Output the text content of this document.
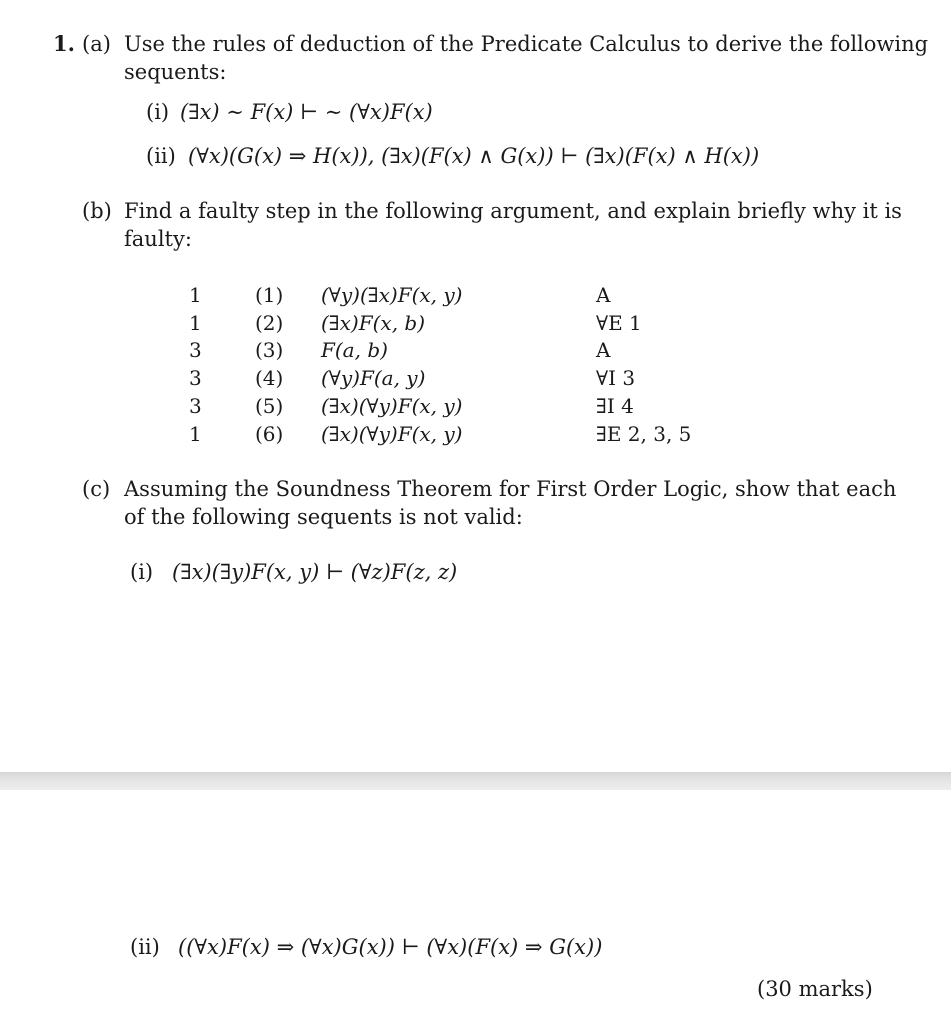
1. (a) Use the rules of deduction of the Predicate Calculus to derive the following
sequents:
(i) (∃x) ∼ F(x) ⊢ ∼ (∀x)F(x)
(ii) (∀x)(G(x) ⇒ H(x)), (∃x)(F(x) ∧ G(x)) ⊢ (∃x)(F(x) ∧ H(x))
(b) Find a faulty step in the following argument, and explain briefly why it is
faulty:
1	(1) (∀y)(∃x)F(x, y)	A
1	(2) (∃x)F(x, b)	∀E 1
3	(3) F(a, b)	A
3	(4) (∀y)F(a, y)	∀I 3
3	(5) (∃x)(∀y)F(x, y)	∃I 4
1	(6) (∃x)(∀y)F(x, y)	∃E 2, 3, 5
(c) Assuming the Soundness Theorem for First Order Logic, show that each
of the following sequents is not valid:
(i) (∃x)(∃y)F(x, y) ⊢ (∀z)F(z, z)
(ii) ((∀x)F(x) ⇒ (∀x)G(x)) ⊢ (∀x)(F(x) ⇒ G(x))
(30 marks)
